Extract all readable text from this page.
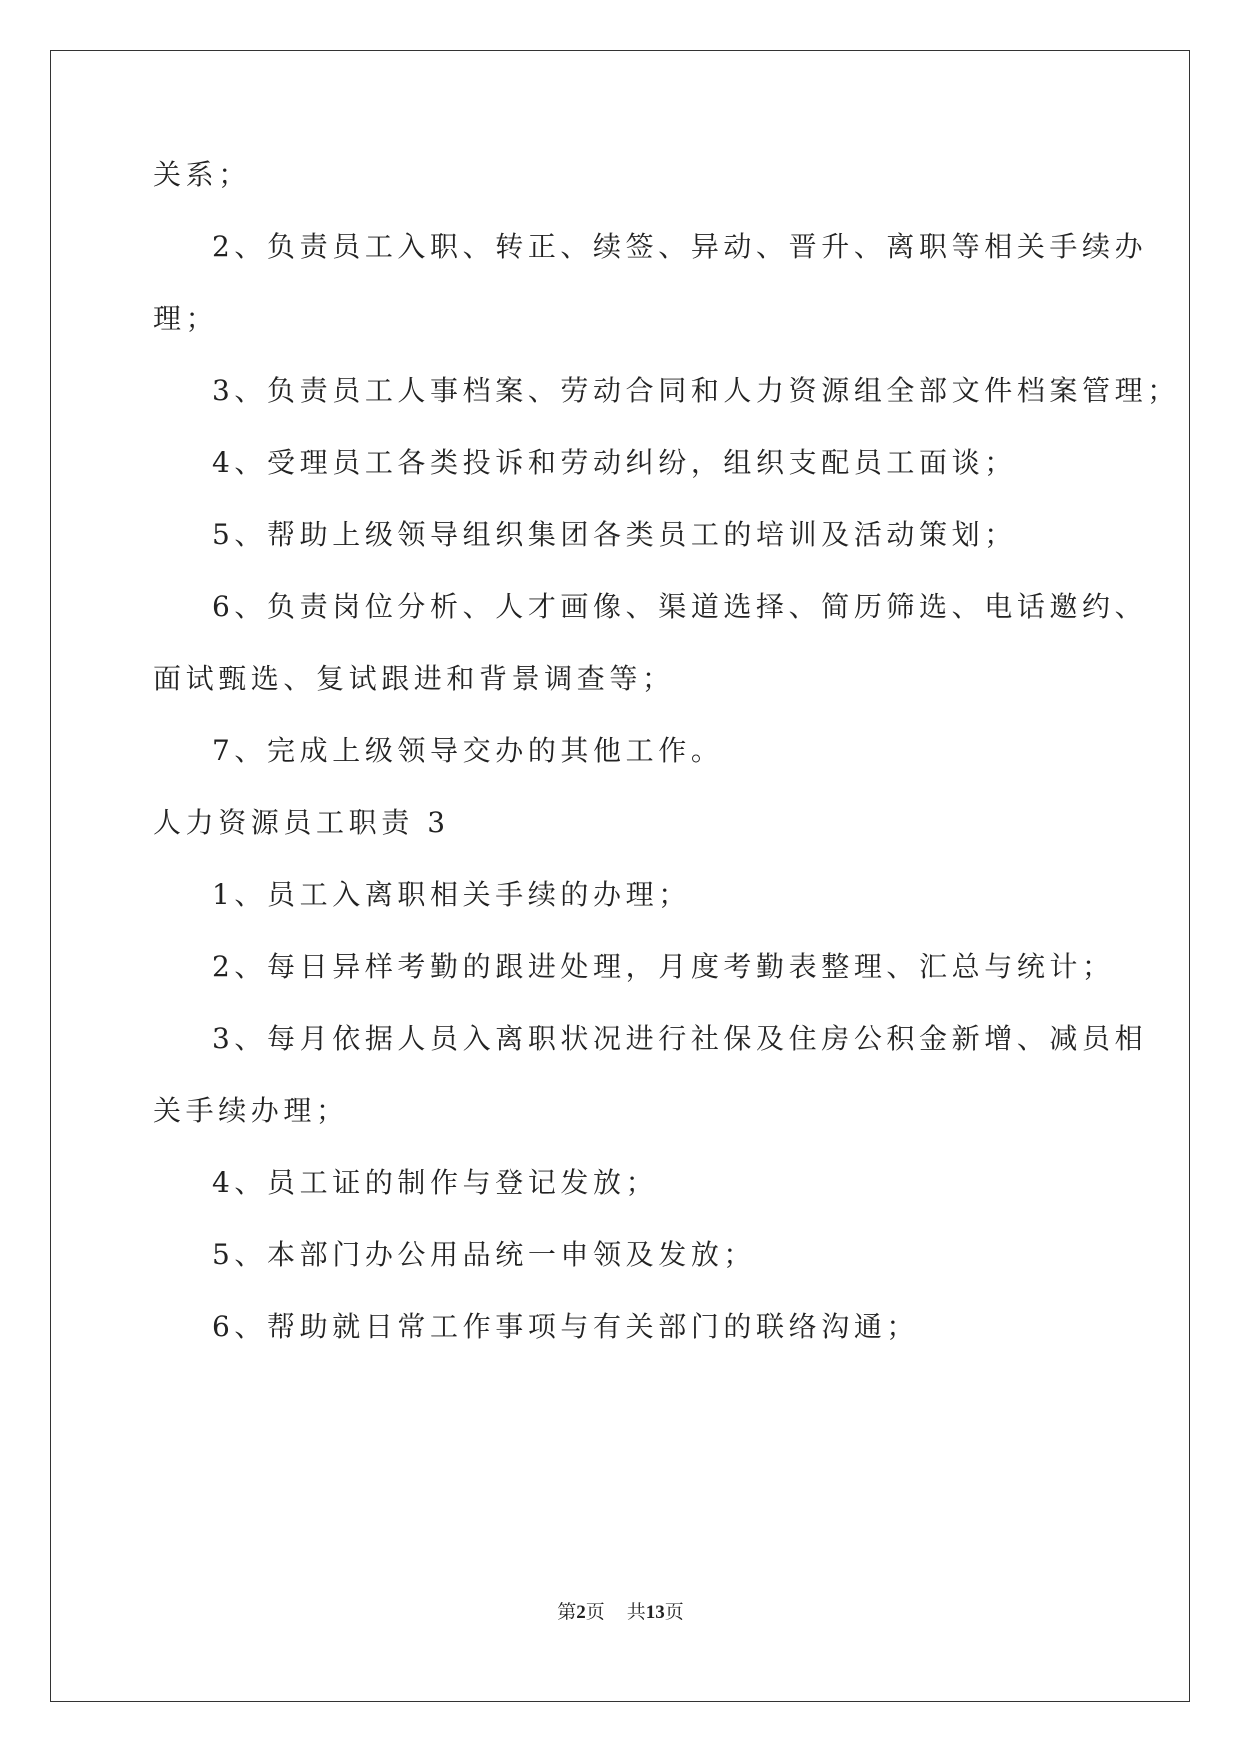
关系；
2、负责员工入职、转正、续签、异动、晋升、离职等相关手续办
理；
3、负责员工人事档案、劳动合同和人力资源组全部文件档案管理；
4、受理员工各类投诉和劳动纠纷，组织支配员工面谈；
5、帮助上级领导组织集团各类员工的培训及活动策划；
6、负责岗位分析、人才画像、渠道选择、简历筛选、电话邀约、
面试甄选、复试跟进和背景调查等；
7、完成上级领导交办的其他工作。
人力资源员工职责 3
1、员工入离职相关手续的办理；
2、每日异样考勤的跟进处理，月度考勤表整理、汇总与统计；
3、每月依据人员入离职状况进行社保及住房公积金新增、减员相
关手续办理；
4、员工证的制作与登记发放；
5、本部门办公用品统一申领及发放；
6、帮助就日常工作事项与有关部门的联络沟通；
第2页 共13页
